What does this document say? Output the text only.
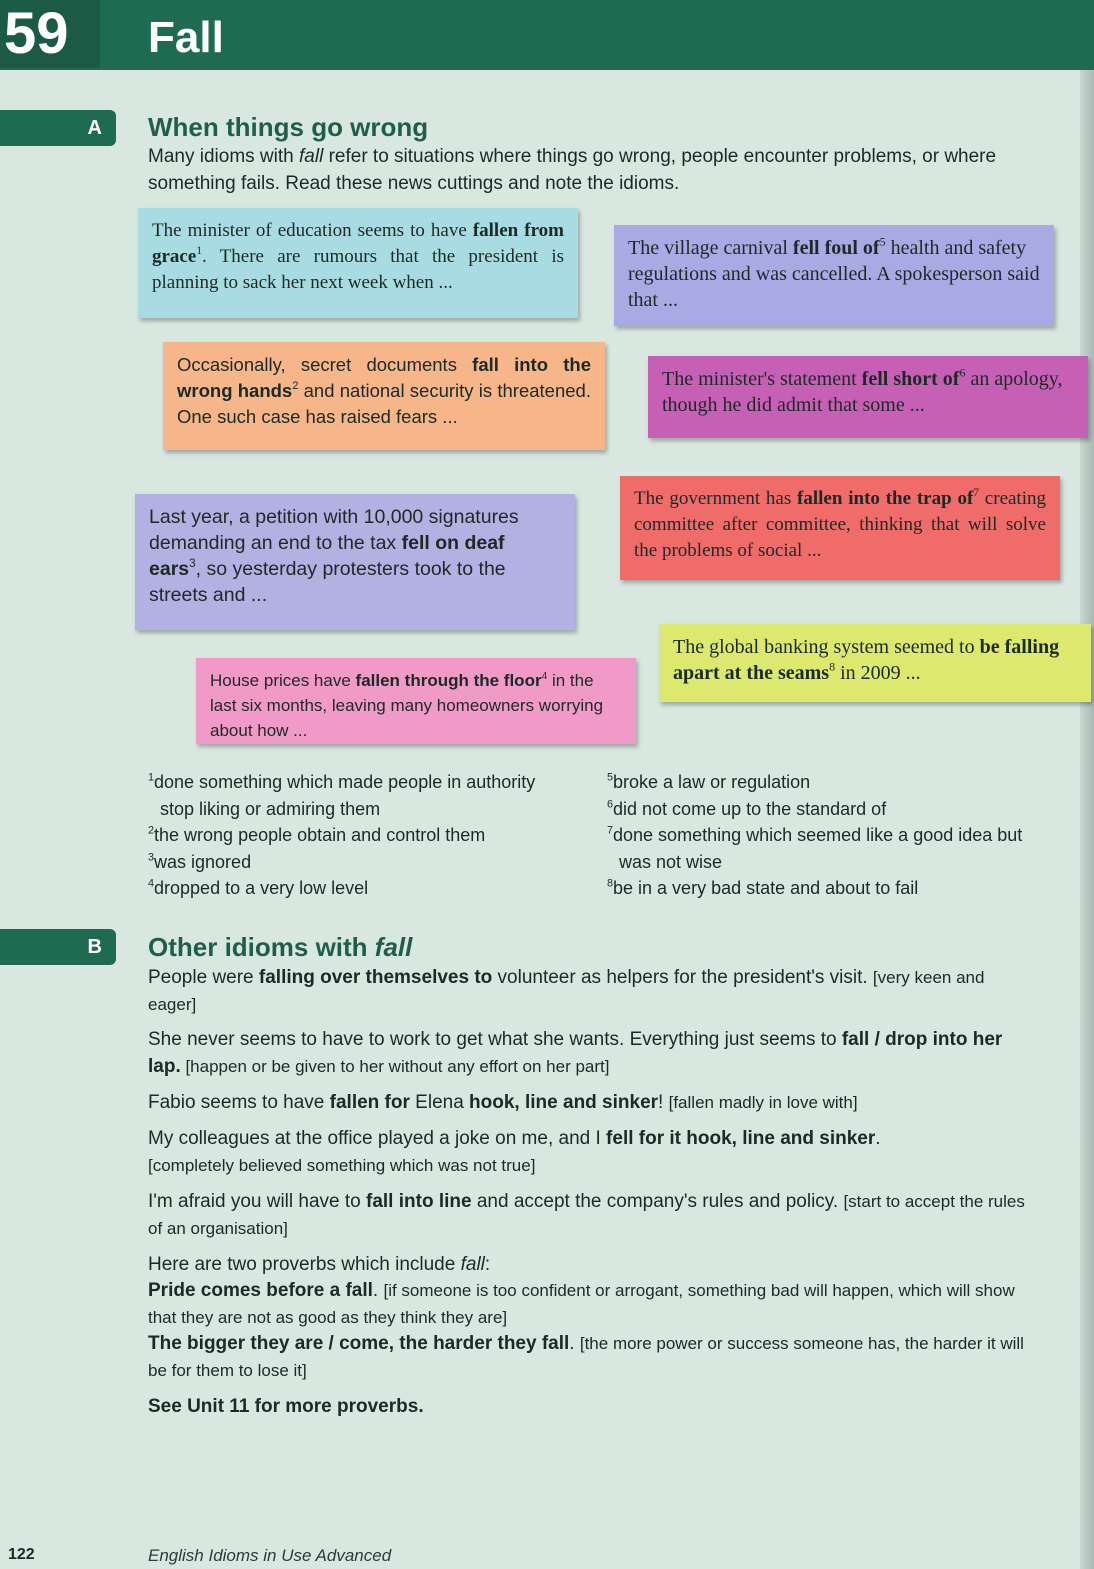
59	Fall
A	When things go wrong
Many idioms with fall refer to situations where things go wrong, people encounter problems, or where something fails. Read these news cuttings and note the idioms.
The minister of education seems to have fallen from grace$^1$. There are rumours that the president is planning to sack her next week when ...
The village carnival fell foul $of^5$ health and safety regulations and was cancelled. A spokesperson said that ...
Occasionally, secret documents fall into the wrong hands$^2$ and national security is threatened. One such case has raised fears ...
The minister's statement fell short $of^6$ an apology, though he did admit that some ...
The government has fallen into the trap $of^7$ creating committee after committee, thinking that will solve the problems of social ...
Last year, a petition with 10,000 signatures demanding an end to the tax fell on deaf ears$^3$, so yesterday protesters took to the streets and ...
The global banking system seemed to be falling apart at the seams$^8$ in 2009 ...
House prices have fallen through the floor$^4$ in the last six months, leaving many homeowners worrying about how ...
$^1$done something which made people in authority stop liking or admiring them
$^2$the wrong people obtain and control them
$^3$was ignored
$^4$dropped to a very low level
$^5$broke a law or regulation
$^6$did not come up to the standard of
$^7$done something which seemed like a good idea but was not wise
$^8$be in a very bad state and about to fail
B	Other idioms with fall
People were falling over themselves to volunteer as helpers for the president's visit. [very keen and eager]
She never seems to have to work to get what she wants. Everything just seems to fall / drop into her lap. [happen or be given to her without any effort on her part]
Fabio seems to have fallen for Elena hook, line and sinker! [fallen madly in love with]
My colleagues at the office played a joke on me, and I fell for it hook, line and sinker.
[completely believed something which was not true]
I'm afraid you will have to fall into line and accept the company's rules and policy. [start to accept the rules of an organisation]
Here are two proverbs which include fall:
Pride comes before a fall. [if someone is too confident or arrogant, something bad will happen, which will show that they are not as good as they think they are]
The bigger they are / come, the harder they fall. [the more power or success someone has, the harder it will be for them to lose it]
See Unit 11 for more proverbs.
122	English Idioms in Use Advanced
